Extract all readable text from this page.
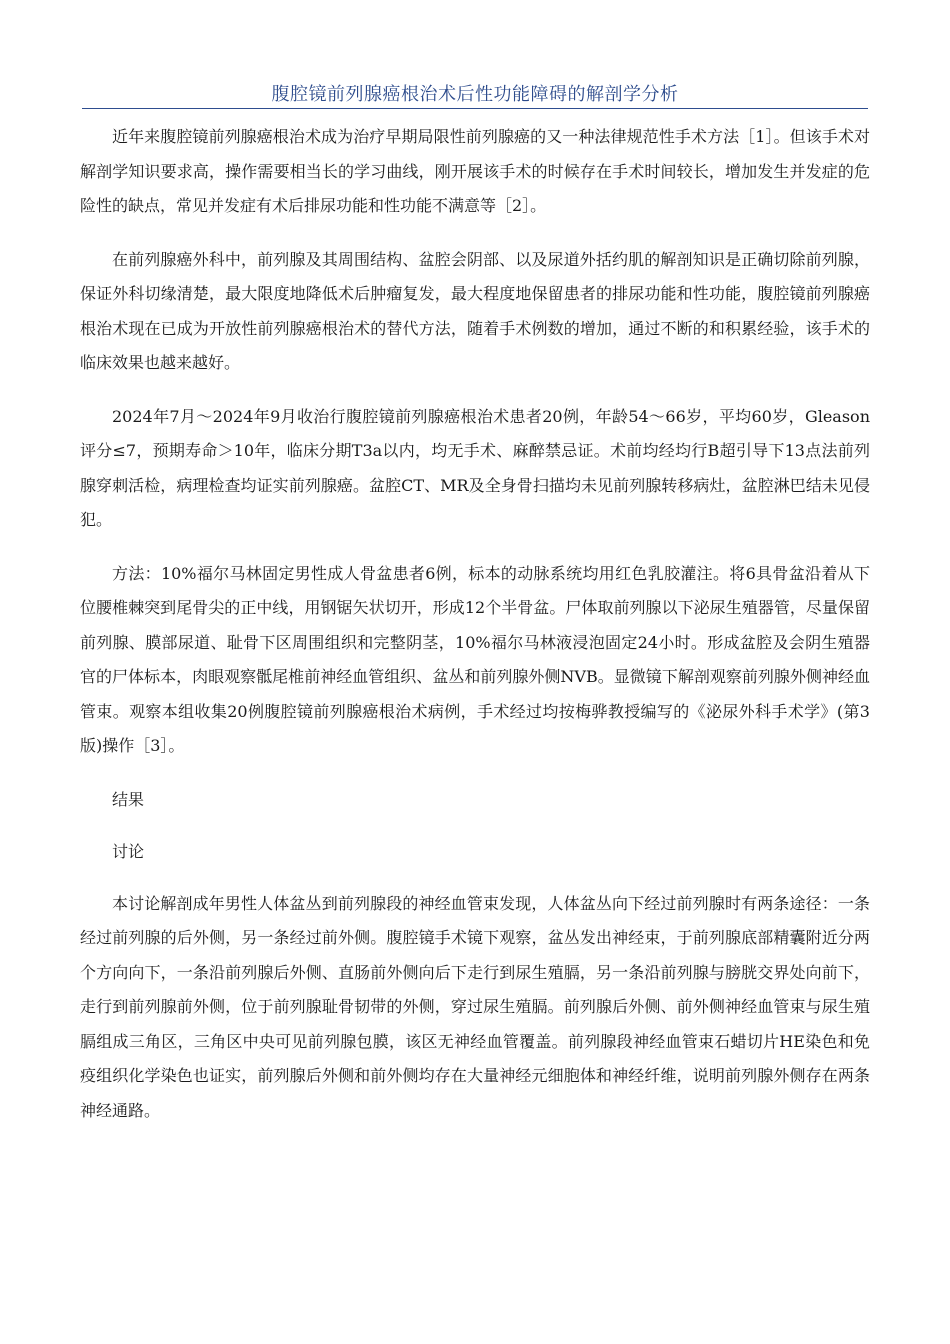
腹腔镜前列腺癌根治术后性功能障碍的解剖学分析

近年来腹腔镜前列腺癌根治术成为治疗早期局限性前列腺癌的又一种法律规范性手术方法［1］。但该手术对解剖学知识要求高，操作需要相当长的学习曲线，刚开展该手术的时候存在手术时间较长，增加发生并发症的危险性的缺点，常见并发症有术后排尿功能和性功能不满意等［2］。

在前列腺癌外科中，前列腺及其周围结构、盆腔会阴部、以及尿道外括约肌的解剖知识是正确切除前列腺，保证外科切缘清楚，最大限度地降低术后肿瘤复发，最大程度地保留患者的排尿功能和性功能，腹腔镜前列腺癌根治术现在已成为开放性前列腺癌根治术的替代方法，随着手术例数的增加，通过不断的和积累经验，该手术的临床效果也越来越好。

2024年7月～2024年9月收治行腹腔镜前列腺癌根治术患者20例，年龄54～66岁，平均60岁，Gleason评分≤7，预期寿命＞10年，临床分期T3a以内，均无手术、麻醉禁忌证。术前均经均行B超引导下13点法前列腺穿刺活检，病理检查均证实前列腺癌。盆腔CT、MR及全身骨扫描均未见前列腺转移病灶，盆腔淋巴结未见侵犯。

方法：10%福尔马林固定男性成人骨盆患者6例，标本的动脉系统均用红色乳胶灌注。将6具骨盆沿着从下位腰椎棘突到尾骨尖的正中线，用钢锯矢状切开，形成12个半骨盆。尸体取前列腺以下泌尿生殖器管，尽量保留前列腺、膜部尿道、耻骨下区周围组织和完整阴茎，10%福尔马林液浸泡固定24小时。形成盆腔及会阴生殖器官的尸体标本，肉眼观察骶尾椎前神经血管组织、盆丛和前列腺外侧NVB。显微镜下解剖观察前列腺外侧神经血管束。观察本组收集20例腹腔镜前列腺癌根治术病例，手术经过均按梅骅教授编写的《泌尿外科手术学》(第3版)操作［3］。

结果

讨论

本讨论解剖成年男性人体盆丛到前列腺段的神经血管束发现，人体盆丛向下经过前列腺时有两条途径：一条经过前列腺的后外侧，另一条经过前外侧。腹腔镜手术镜下观察，盆丛发出神经束，于前列腺底部精囊附近分两个方向向下，一条沿前列腺后外侧、直肠前外侧向后下走行到尿生殖膈，另一条沿前列腺与膀胱交界处向前下，走行到前列腺前外侧，位于前列腺耻骨韧带的外侧，穿过尿生殖膈。前列腺后外侧、前外侧神经血管束与尿生殖膈组成三角区，三角区中央可见前列腺包膜，该区无神经血管覆盖。前列腺段神经血管束石蜡切片HE染色和免疫组织化学染色也证实，前列腺后外侧和前外侧均存在大量神经元细胞体和神经纤维，说明前列腺外侧存在两条神经通路。
